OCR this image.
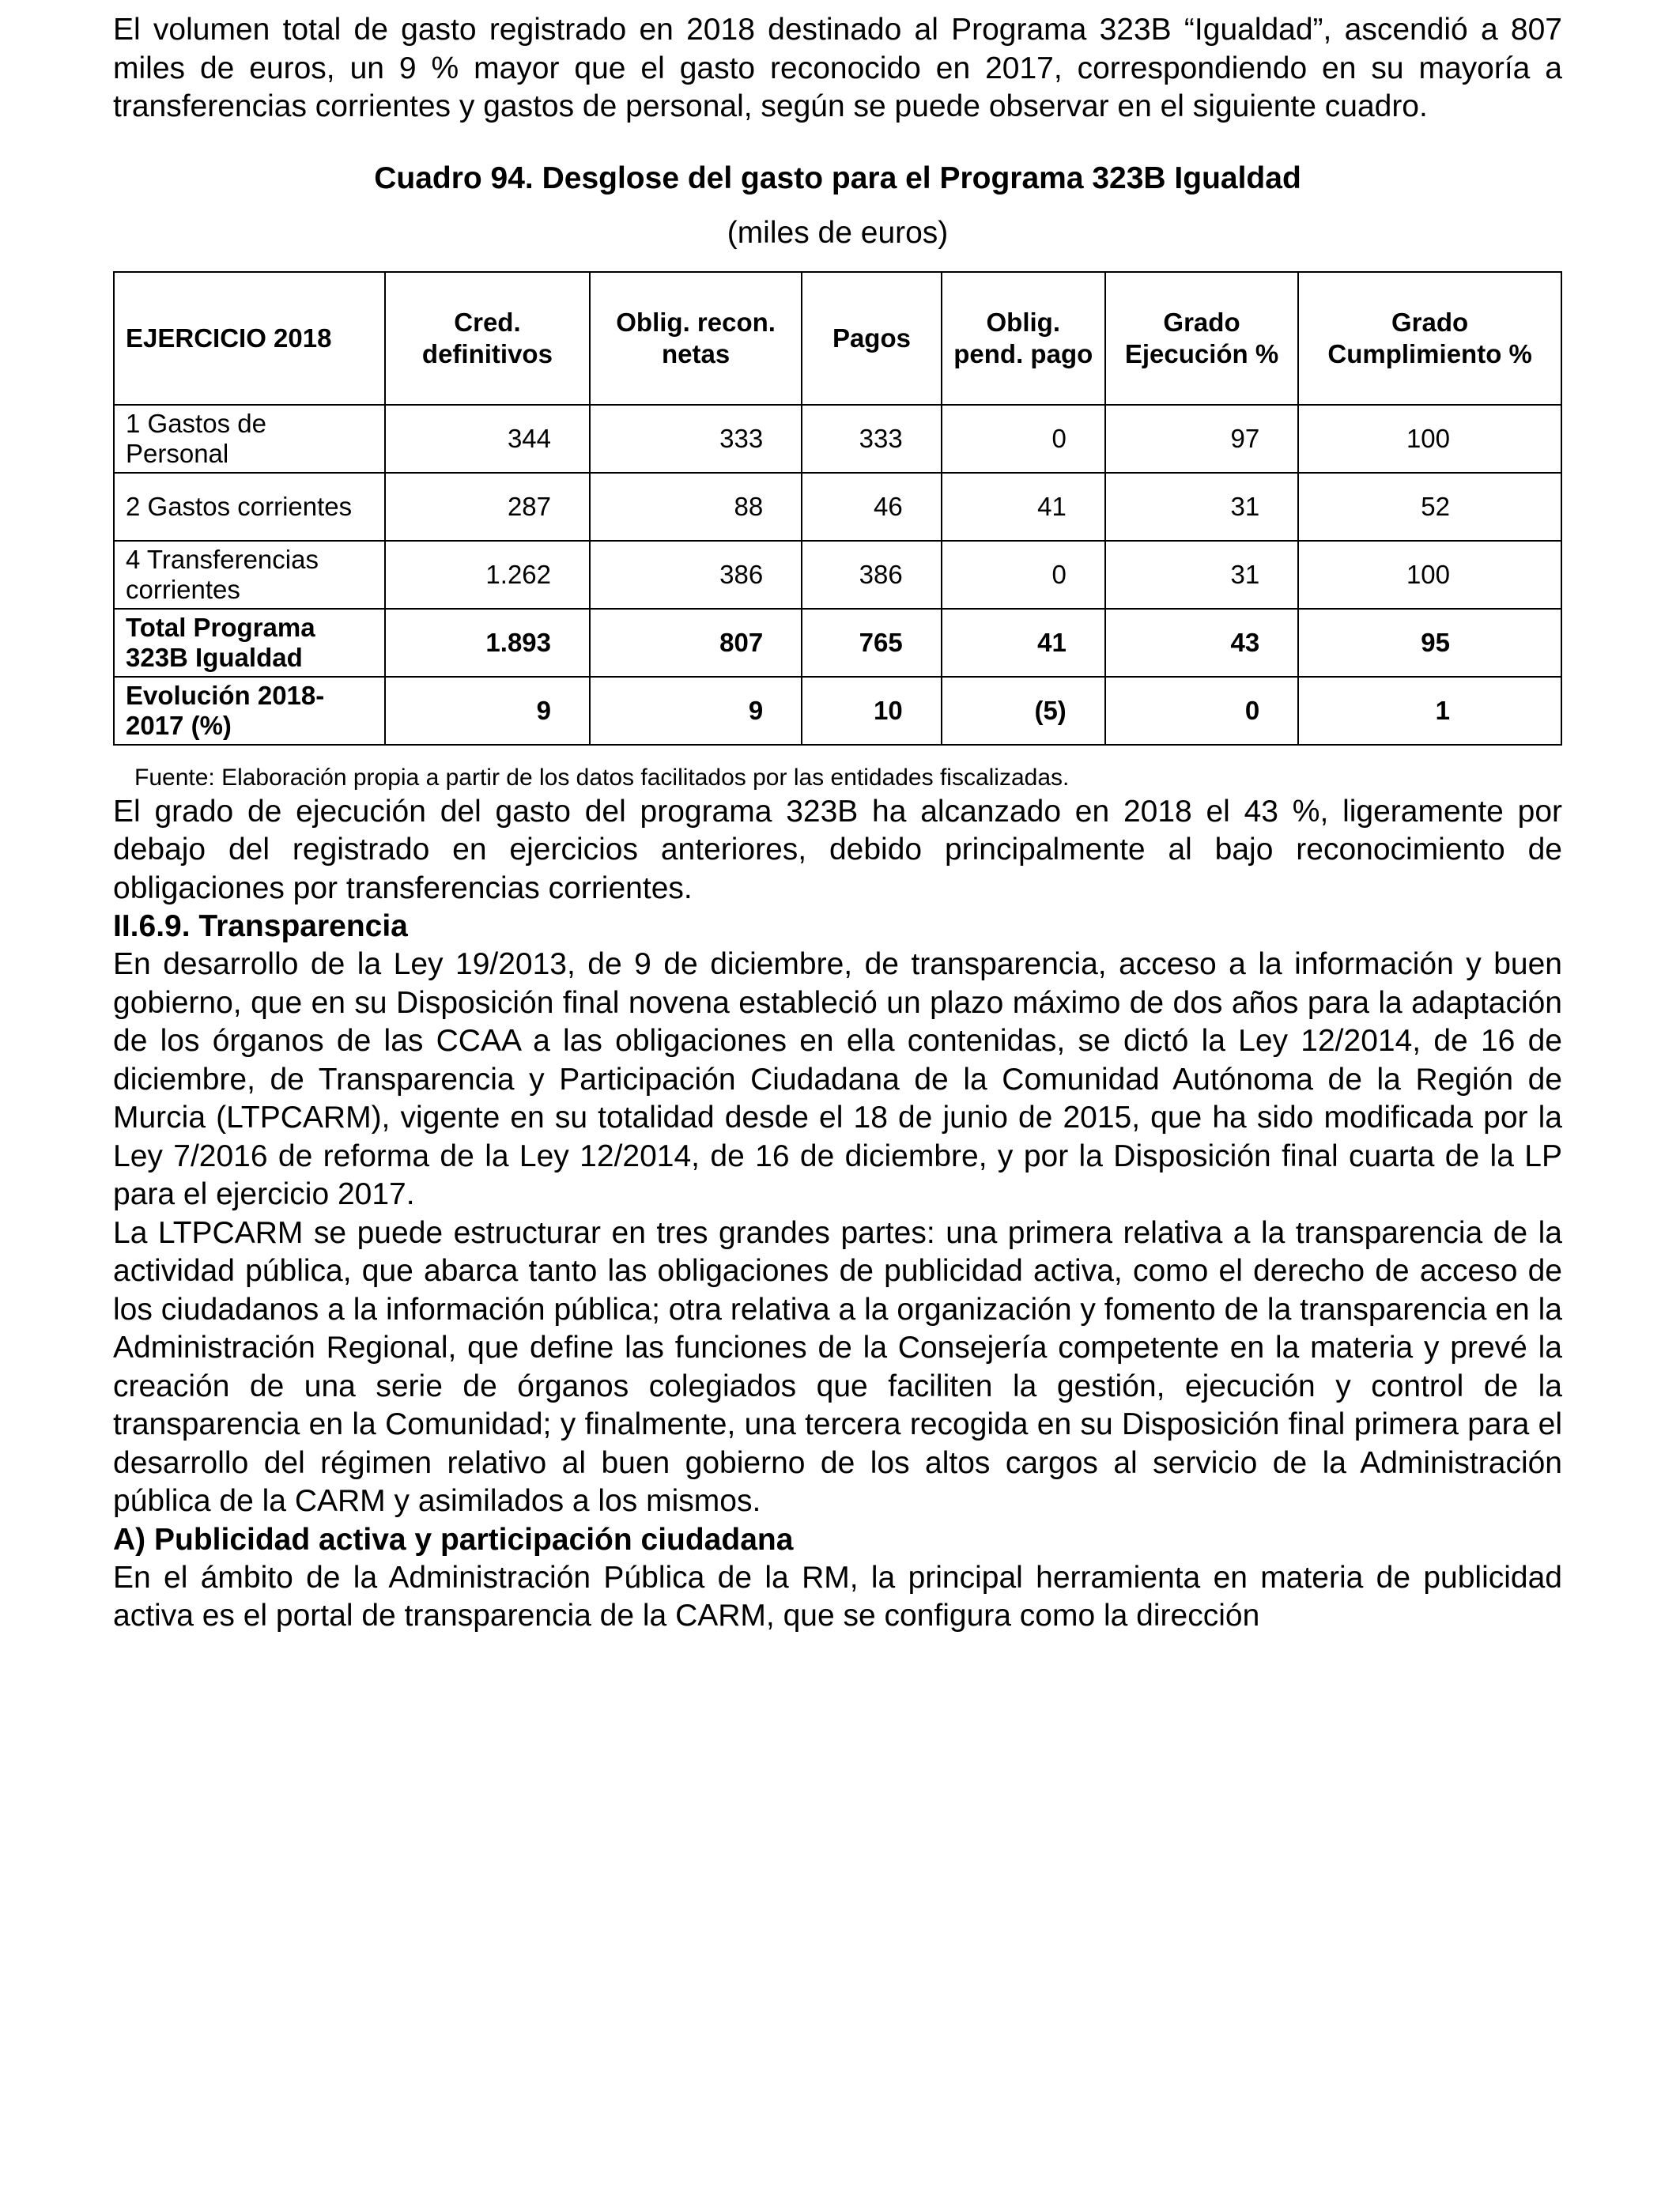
El volumen total de gasto registrado en 2018 destinado al Programa 323B “Igualdad”, ascendió a 807 miles de euros, un 9 % mayor que el gasto reconocido en 2017, correspondiendo en su mayoría a transferencias corrientes y gastos de personal, según se puede observar en el siguiente cuadro.

Cuadro 94. Desglose del gasto para el Programa 323B Igualdad

(miles de euros)

EJERCICIO 2018	Cred. definitivos	Oblig. recon. netas	Pagos	Oblig. pend. pago	Grado Ejecución %	Grado Cumplimiento %
1 Gastos de Personal	344	333	333	0	97	100
2 Gastos corrientes	287	88	46	41	31	52
4 Transferencias corrientes	1.262	386	386	0	31	100
Total Programa 323B Igualdad	1.893	807	765	41	43	95
Evolución 2018-2017 (%)	9	9	10	(5)	0	1

Fuente: Elaboración propia a partir de los datos facilitados por las entidades fiscalizadas.

El grado de ejecución del gasto del programa 323B ha alcanzado en 2018 el 43 %, ligeramente por debajo del registrado en ejercicios anteriores, debido principalmente al bajo reconocimiento de obligaciones por transferencias corrientes.

II.6.9. Transparencia

En desarrollo de la Ley 19/2013, de 9 de diciembre, de transparencia, acceso a la información y buen gobierno, que en su Disposición final novena estableció un plazo máximo de dos años para la adaptación de los órganos de las CCAA a las obligaciones en ella contenidas, se dictó la Ley 12/2014, de 16 de diciembre, de Transparencia y Participación Ciudadana de la Comunidad Autónoma de la Región de Murcia (LTPCARM), vigente en su totalidad desde el 18 de junio de 2015, que ha sido modificada por la Ley 7/2016 de reforma de la Ley 12/2014, de 16 de diciembre, y por la Disposición final cuarta de la LP para el ejercicio 2017.

La LTPCARM se puede estructurar en tres grandes partes: una primera relativa a la transparencia de la actividad pública, que abarca tanto las obligaciones de publicidad activa, como el derecho de acceso de los ciudadanos a la información pública; otra relativa a la organización y fomento de la transparencia en la Administración Regional, que define las funciones de la Consejería competente en la materia y prevé la creación de una serie de órganos colegiados que faciliten la gestión, ejecución y control de la transparencia en la Comunidad; y finalmente, una tercera recogida en su Disposición final primera para el desarrollo del régimen relativo al buen gobierno de los altos cargos al servicio de la Administración pública de la CARM y asimilados a los mismos.

A) Publicidad activa y participación ciudadana

En el ámbito de la Administración Pública de la RM, la principal herramienta en materia de publicidad activa es el portal de transparencia de la CARM, que se configura como la dirección
